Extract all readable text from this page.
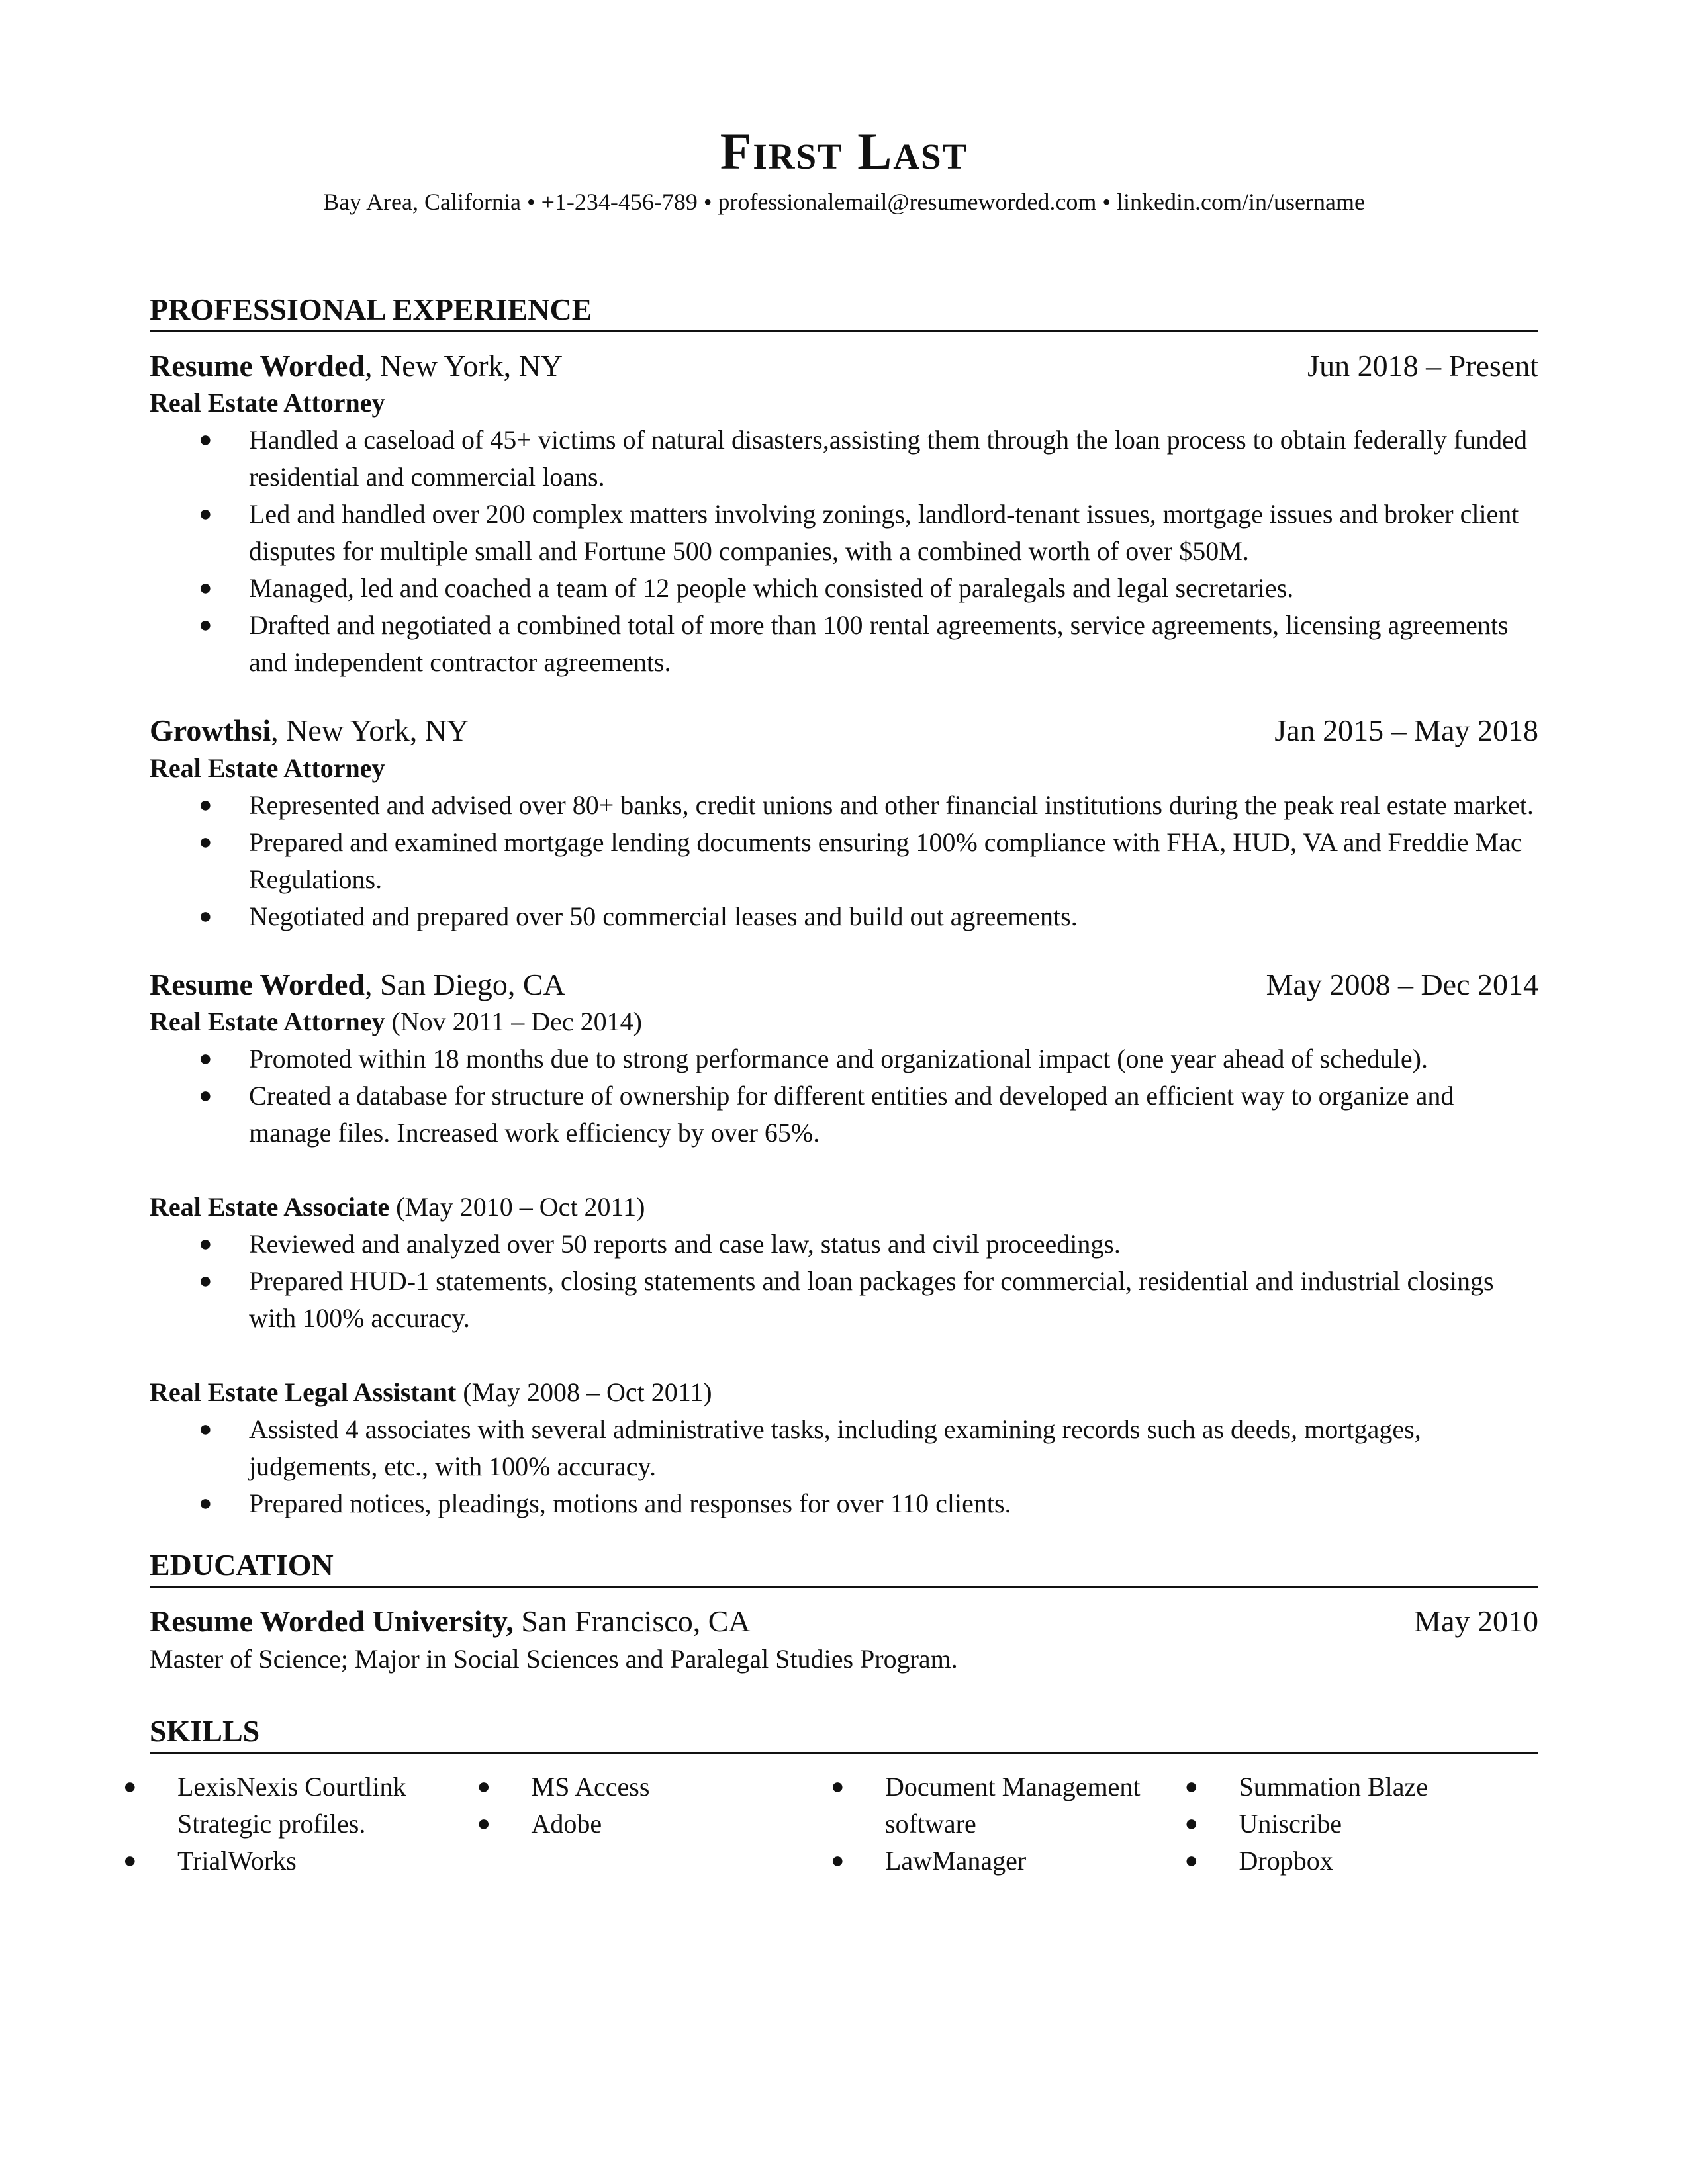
First Last
Bay Area, California • +1-234-456-789 • professionalemail@resumeworded.com • linkedin.com/in/username
PROFESSIONAL EXPERIENCE
Resume Worded, New York, NY	Jun 2018 – Present
Real Estate Attorney
● Handled a caseload of 45+ victims of natural disasters,assisting them through the loan process to obtain federally funded residential and commercial loans.
● Led and handled over 200 complex matters involving zonings, landlord-tenant issues, mortgage issues and broker client disputes for multiple small and Fortune 500 companies, with a combined worth of over $50M.
● Managed, led and coached a team of 12 people which consisted of paralegals and legal secretaries.
● Drafted and negotiated a combined total of more than 100 rental agreements, service agreements, licensing agreements and independent contractor agreements.
Growthsi, New York, NY	Jan 2015 – May 2018
Real Estate Attorney
● Represented and advised over 80+ banks, credit unions and other financial institutions during the peak real estate market.
● Prepared and examined mortgage lending documents ensuring 100% compliance with FHA, HUD, VA and Freddie Mac Regulations.
● Negotiated and prepared over 50 commercial leases and build out agreements.
Resume Worded, San Diego, CA	May 2008 – Dec 2014
Real Estate Attorney (Nov 2011 – Dec 2014)
● Promoted within 18 months due to strong performance and organizational impact (one year ahead of schedule).
● Created a database for structure of ownership for different entities and developed an efficient way to organize and manage files. Increased work efficiency by over 65%.
Real Estate Associate (May 2010 – Oct 2011)
● Reviewed and analyzed over 50 reports and case law, status and civil proceedings.
● Prepared HUD-1 statements, closing statements and loan packages for commercial, residential and industrial closings with 100% accuracy.
Real Estate Legal Assistant (May 2008 – Oct 2011)
● Assisted 4 associates with several administrative tasks, including examining records such as deeds, mortgages, judgements, etc., with 100% accuracy.
● Prepared notices, pleadings, motions and responses for over 110 clients.
EDUCATION
Resume Worded University, San Francisco, CA	May 2010
Master of Science; Major in Social Sciences and Paralegal Studies Program.
SKILLS
● LexisNexis Courtlink Strategic profiles.
● TrialWorks
● MS Access
● Adobe
● Document Management software
● LawManager
● Summation Blaze
● Uniscribe
● Dropbox
